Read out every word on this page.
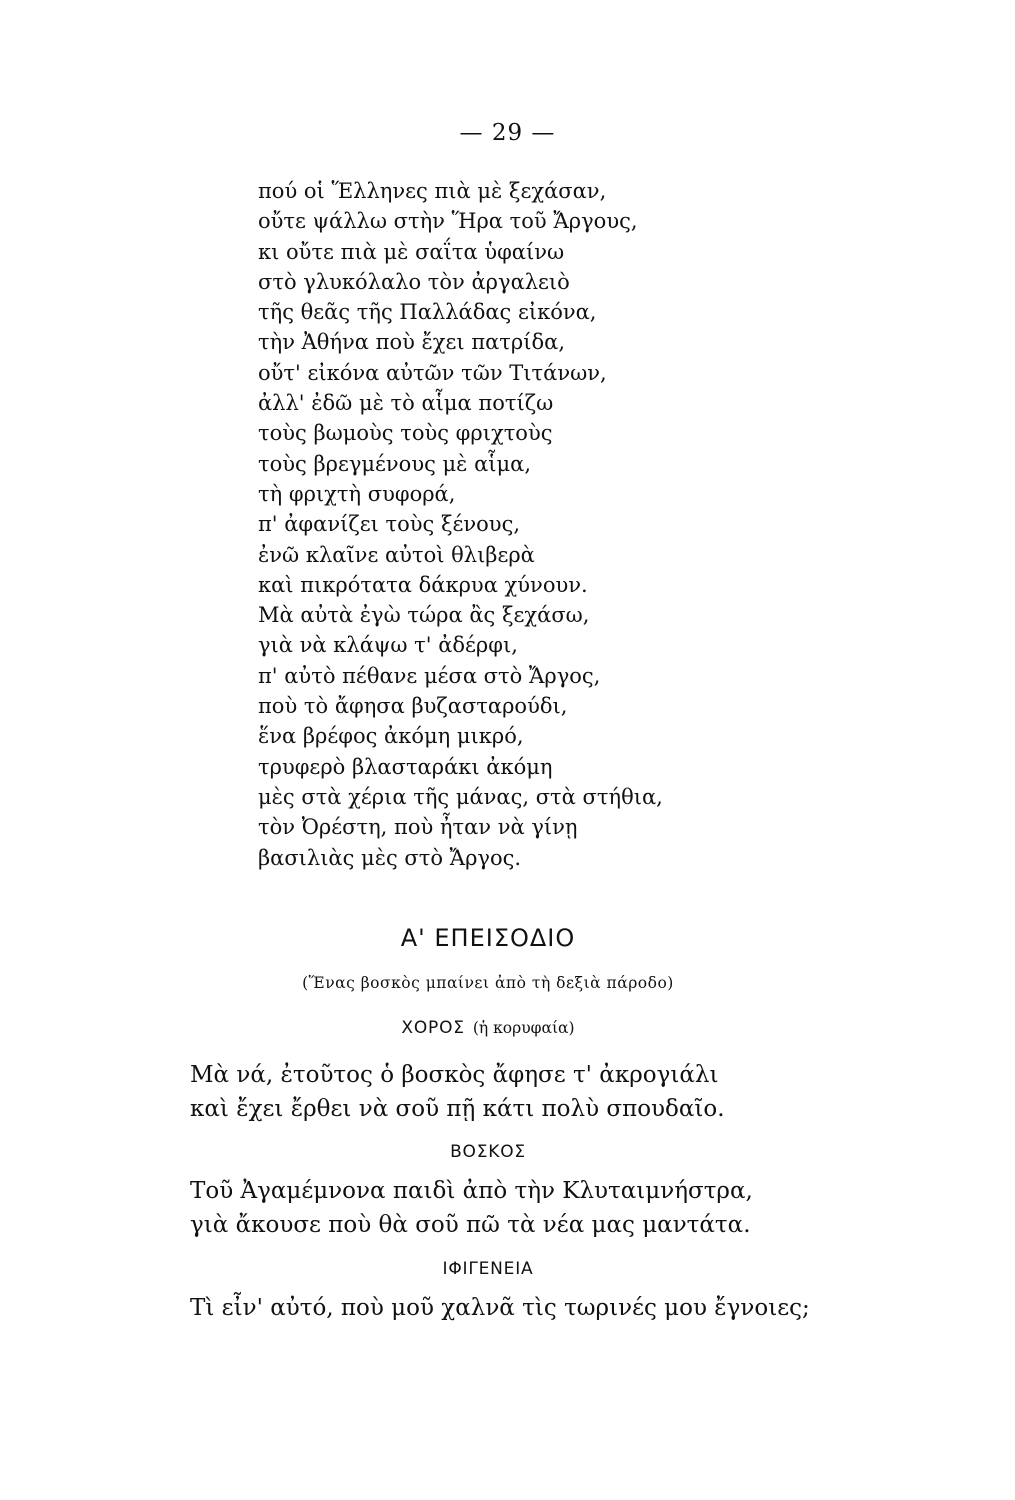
— 29 —
πού οἱ Ἕλληνες πιὰ μὲ ξεχάσαν,
οὔτε ψάλλω στὴν Ἥρα τοῦ Ἄργους,
κι οὔτε πιὰ μὲ σαΐτα ὑφαίνω
στὸ γλυκόλαλο τὸν ἀργαλειὸ
τῆς θεᾶς τῆς Παλλάδας εἰκόνα,
τὴν Ἀθήνα ποὺ ἔχει πατρίδα,
οὔτ' εἰκόνα αὐτῶν τῶν Τιτάνων,
ἀλλ' ἐδῶ μὲ τὸ αἷμα ποτίζω
τοὺς βωμοὺς τοὺς φριχτοὺς
τοὺς βρεγμένους μὲ αἷμα,
τὴ φριχτὴ συφορά,
π' ἀφανίζει τοὺς ξένους,
ἐνῶ κλαῖνε αὐτοὶ θλιβερὰ
καὶ πικρότατα δάκρυα χύνουν.
Μὰ αὐτὰ ἐγὼ τώρα ἂς ξεχάσω,
γιὰ νὰ κλάψω τ' ἀδέρφι,
π' αὐτὸ πέθανε μέσα στὸ Ἄργος,
ποὺ τὸ ἄφησα βυζασταρούδι,
ἕνα βρέφος ἀκόμη μικρό,
τρυφερὸ βλασταράκι ἀκόμη
μὲς στὰ χέρια τῆς μάνας, στὰ στήθια,
τὸν Ὀρέστη, ποὺ ἦταν νὰ γίνῃ
βασιλιὰς μὲς στὸ Ἄργος.
Α' ΕΠΕΙΣΟΔΙΟ
(Ἕνας βοσκὸς μπαίνει ἀπὸ τὴ δεξιὰ πάροδο)
ΧΟΡΟΣ (ἡ κορυφαία)
Μὰ νά, ἐτοῦτος ὁ βοσκὸς ἄφησε τ' ἀκρογιάλι
καὶ ἔχει ἔρθει νὰ σοῦ πῇ κάτι πολὺ σπουδαῖο.
ΒΟΣΚΟΣ
Τοῦ Ἀγαμέμνονα παιδὶ ἀπὸ τὴν Κλυταιμνήστρα,
γιὰ ἄκουσε ποὺ θὰ σοῦ πῶ τὰ νέα μας μαντάτα.
ΙΦΙΓΕΝΕΙΑ
Τὶ εἶν' αὐτό, ποὺ μοῦ χαλνᾶ τὶς τωρινές μου ἔγνοιες;
